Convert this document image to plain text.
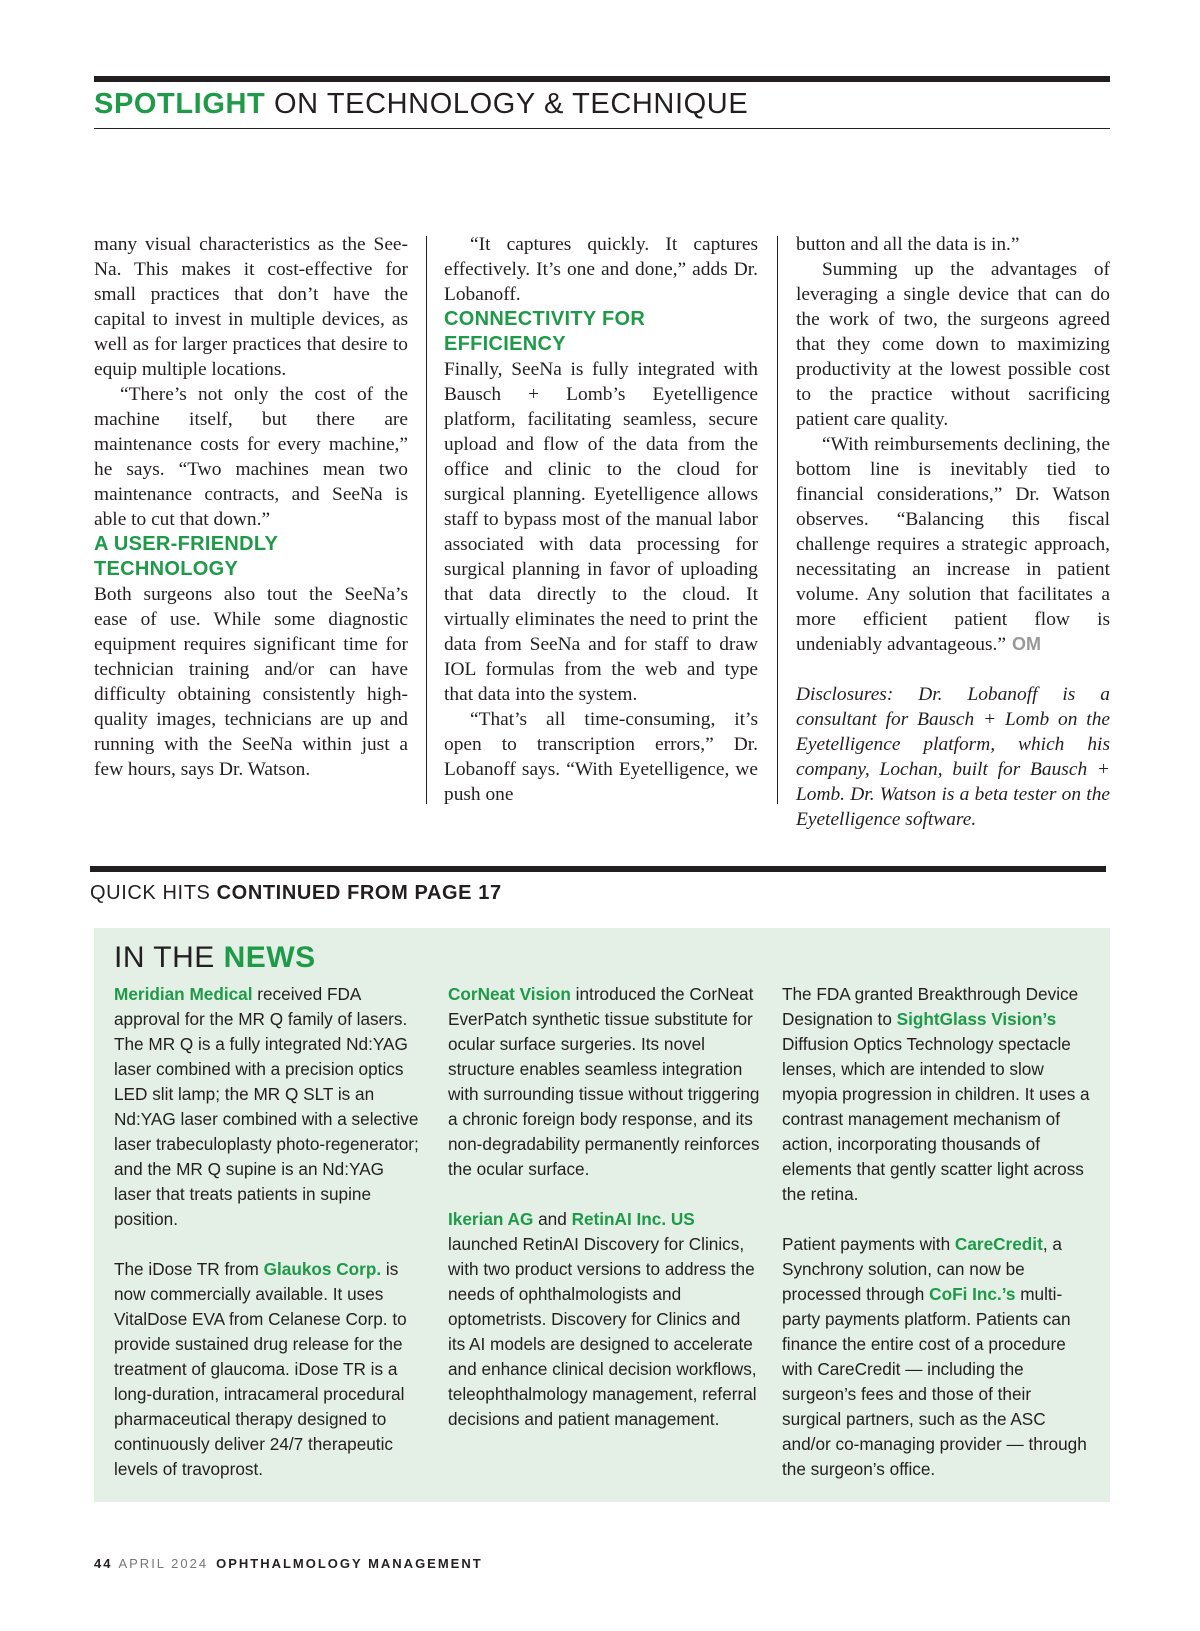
SPOTLIGHT ON TECHNOLOGY & TECHNIQUE

many visual characteristics as the See-Na. This makes it cost-effective for small practices that don’t have the capital to invest in multiple devices, as well as for larger practices that desire to equip multiple locations.

“There’s not only the cost of the machine itself, but there are maintenance costs for every machine,” he says. “Two machines mean two maintenance contracts, and SeeNa is able to cut that down.”

A USER-FRIENDLY TECHNOLOGY

Both surgeons also tout the SeeNa’s ease of use. While some diagnostic equipment requires significant time for technician training and/or can have difficulty obtaining consistently high-quality images, technicians are up and running with the SeeNa within just a few hours, says Dr. Watson.

“It captures quickly. It captures effectively. It’s one and done,” adds Dr. Lobanoff.

CONNECTIVITY FOR EFFICIENCY

Finally, SeeNa is fully integrated with Bausch + Lomb’s Eyetelligence platform, facilitating seamless, secure upload and flow of the data from the office and clinic to the cloud for surgical planning. Eyetelligence allows staff to bypass most of the manual labor associated with data processing for surgical planning in favor of uploading that data directly to the cloud. It virtually eliminates the need to print the data from SeeNa and for staff to draw IOL formulas from the web and type that data into the system.

“That’s all time-consuming, it’s open to transcription errors,” Dr. Lobanoff says. “With Eyetelligence, we push one

button and all the data is in.”

Summing up the advantages of leveraging a single device that can do the work of two, the surgeons agreed that they come down to maximizing productivity at the lowest possible cost to the practice without sacrificing patient care quality.

“With reimbursements declining, the bottom line is inevitably tied to financial considerations,” Dr. Watson observes. “Balancing this fiscal challenge requires a strategic approach, necessitating an increase in patient volume. Any solution that facilitates a more efficient patient flow is undeniably advantageous.” OM

Disclosures: Dr. Lobanoff is a consultant for Bausch + Lomb on the Eyetelligence platform, which his company, Lochan, built for Bausch + Lomb. Dr. Watson is a beta tester on the Eyetelligence software.

QUICK HITS CONTINUED FROM PAGE 17
IN THE NEWS

Meridian Medical received FDA approval for the MR Q family of lasers. The MR Q is a fully integrated Nd:YAG laser combined with a precision optics LED slit lamp; the MR Q SLT is an Nd:YAG laser combined with a selective laser trabeculoplasty photo-regenerator; and the MR Q supine is an Nd:YAG laser that treats patients in supine position.

The iDose TR from Glaukos Corp. is now commercially available. It uses VitalDose EVA from Celanese Corp. to provide sustained drug release for the treatment of glaucoma. iDose TR is a long-duration, intracameral procedural pharmaceutical therapy designed to continuously deliver 24/7 therapeutic levels of travoprost.

CorNeat Vision introduced the CorNeat EverPatch synthetic tissue substitute for ocular surface surgeries. Its novel structure enables seamless integration with surrounding tissue without triggering a chronic foreign body response, and its non-degradability permanently reinforces the ocular surface.

Ikerian AG and RetinAI Inc. US launched RetinAI Discovery for Clinics, with two product versions to address the needs of ophthalmologists and optometrists. Discovery for Clinics and its AI models are designed to accelerate and enhance clinical decision workflows, teleophthalmology management, referral decisions and patient management.

The FDA granted Breakthrough Device Designation to SightGlass Vision’s Diffusion Optics Technology spectacle lenses, which are intended to slow myopia progression in children. It uses a contrast management mechanism of action, incorporating thousands of elements that gently scatter light across the retina.

Patient payments with CareCredit, a Synchrony solution, can now be processed through CoFi Inc.’s multi-party payments platform. Patients can finance the entire cost of a procedure with CareCredit — including the surgeon’s fees and those of their surgical partners, such as the ASC and/or co-managing provider — through the surgeon’s office.

44 APRIL 2024 OPHTHALMOLOGY MANAGEMENT
